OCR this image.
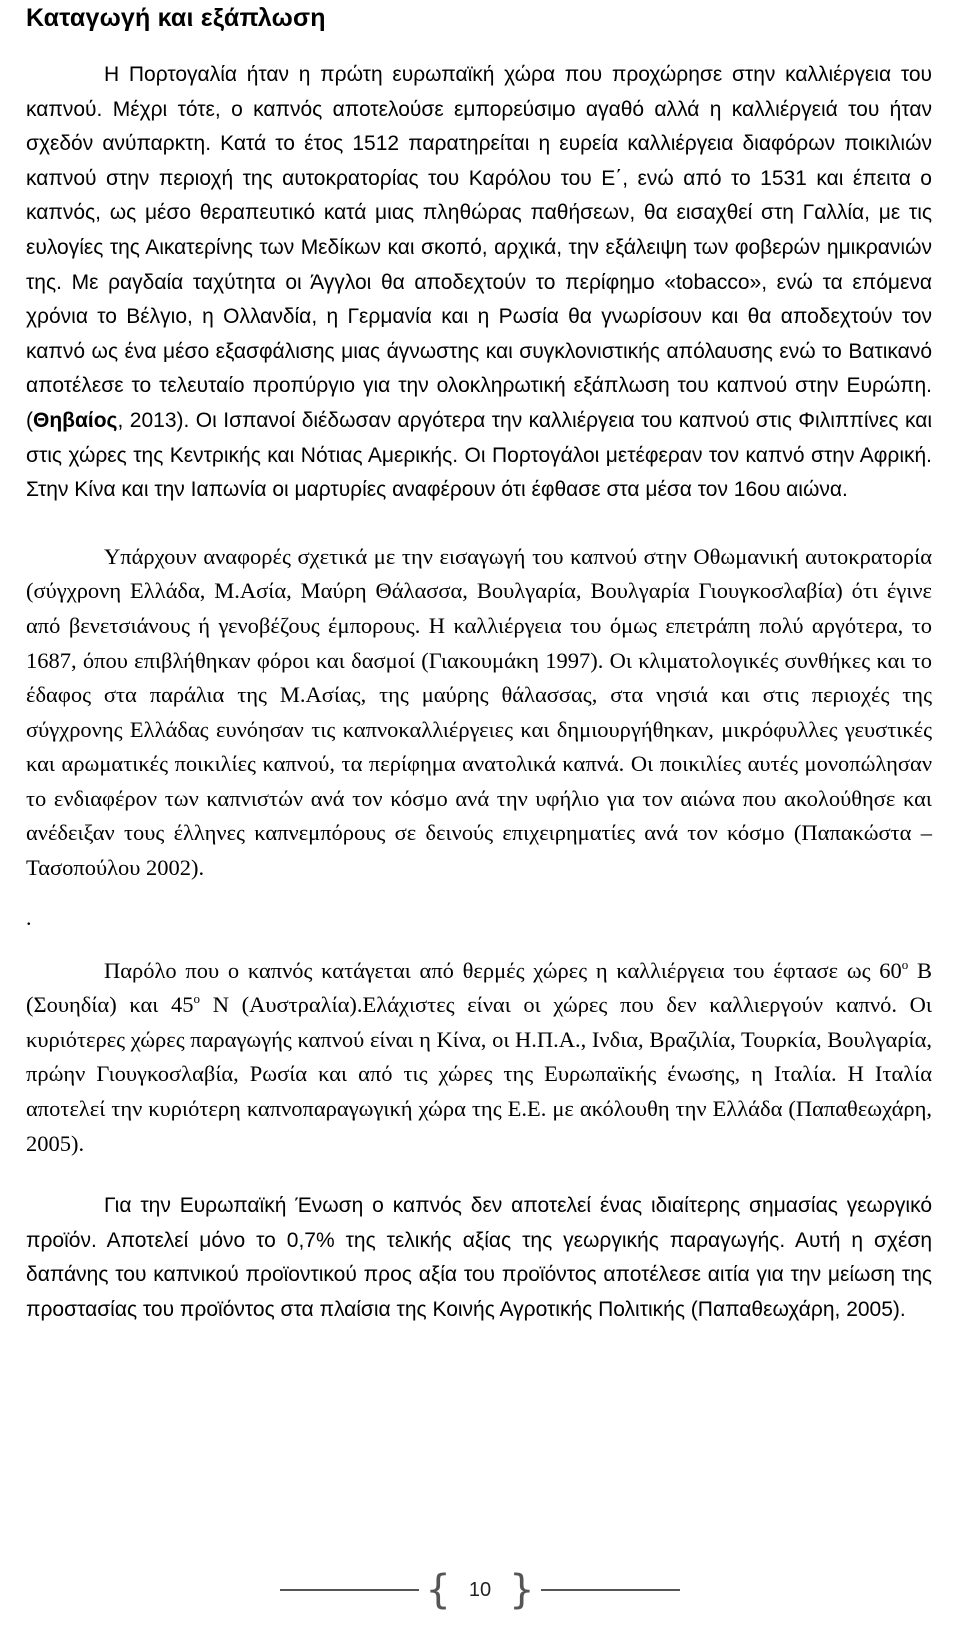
Καταγωγή και εξάπλωση

Η Πορτογαλία ήταν η πρώτη ευρωπαϊκή χώρα που προχώρησε στην καλλιέργεια του καπνού. Μέχρι τότε, ο καπνός αποτελούσε εμπορεύσιμο αγαθό αλλά η καλλιέργειά του ήταν σχεδόν ανύπαρκτη. Κατά το έτος 1512 παρατηρείται η ευρεία καλλιέργεια διαφόρων ποικιλιών καπνού στην περιοχή της αυτοκρατορίας του Καρόλου του Ε΄, ενώ από το 1531 και έπειτα ο καπνός, ως μέσο θεραπευτικό κατά μιας πληθώρας παθήσεων, θα εισαχθεί στη Γαλλία, με τις ευλογίες της Αικατερίνης των Μεδίκων και σκοπό, αρχικά, την εξάλειψη των φοβερών ημικρανιών της. Με ραγδαία ταχύτητα οι Άγγλοι θα αποδεχτούν το περίφημο «tobacco», ενώ τα επόμενα χρόνια το Βέλγιο, η Ολλανδία, η Γερμανία και η Ρωσία θα γνωρίσουν και θα αποδεχτούν τον καπνό ως ένα μέσο εξασφάλισης μιας άγνωστης και συγκλονιστικής απόλαυσης ενώ το Βατικανό αποτέλεσε το τελευταίο προπύργιο για την ολοκληρωτική εξάπλωση του καπνού στην Ευρώπη. (Θηβαίος, 2013). Οι Ισπανοί διέδωσαν αργότερα την καλλιέργεια του καπνού στις Φιλιππίνες και στις χώρες της Κεντρικής και Νότιας Αμερικής. Οι Πορτογάλοι μετέφεραν τον καπνό στην Αφρική. Στην Κίνα και την Ιαπωνία οι μαρτυρίες αναφέρουν ότι έφθασε στα μέσα τον 16ου αιώνα.

Υπάρχουν αναφορές σχετικά με την εισαγωγή του καπνού στην Οθωμανική αυτοκρατορία (σύγχρονη Ελλάδα, Μ.Ασία, Μαύρη Θάλασσα, Βουλγαρία, Βουλγαρία Γιουγκοσλαβία) ότι έγινε από βενετσιάνους ή γενοβέζους έμπορους. Η καλλιέργεια του όμως επετράπη πολύ αργότερα, το 1687, όπου επιβλήθηκαν φόροι και δασμοί (Γιακουμάκη 1997). Οι κλιματολογικές συνθήκες και το έδαφος στα παράλια της Μ.Ασίας, της μαύρης θάλασσας, στα νησιά και στις περιοχές της σύγχρονης Ελλάδας ευνόησαν τις καπνοκαλλιέργειες και δημιουργήθηκαν, μικρόφυλλες γευστικές και αρωματικές ποικιλίες καπνού, τα περίφημα ανατολικά καπνά. Οι ποικιλίες αυτές μονοπώλησαν το ενδιαφέρον των καπνιστών ανά τον κόσμο ανά την υφήλιο για τον αιώνα που ακολούθησε και ανέδειξαν τους έλληνες καπνεμπόρους σε δεινούς επιχειρηματίες ανά τον κόσμο (Παπακώστα – Τασοπούλου 2002).

.

Παρόλο που ο καπνός κατάγεται από θερμές χώρες η καλλιέργεια του έφτασε ως $60^o$ Β (Σουηδία) και $45^o$ Ν (Αυστραλία).Ελάχιστες είναι οι χώρες που δεν καλλιεργούν καπνό. Οι κυριότερες χώρες παραγωγής καπνού είναι η Κίνα, οι Η.Π.Α., Ινδια, Βραζιλία, Τουρκία, Βουλγαρία, πρώην Γιουγκοσλαβία, Ρωσία και από τις χώρες της Ευρωπαϊκής ένωσης, η Ιταλία. Η Ιταλία αποτελεί την κυριότερη καπνοπαραγωγική χώρα της Ε.Ε. με ακόλουθη την Ελλάδα (Παπαθεωχάρη, 2005).

Για την Ευρωπαϊκή Ένωση ο καπνός δεν αποτελεί ένας ιδιαίτερης σημασίας γεωργικό προϊόν. Αποτελεί μόνο το 0,7% της τελικής αξίας της γεωργικής παραγωγής. Αυτή η σχέση δαπάνης του καπνικού προϊοντικού προς αξία του προϊόντος αποτέλεσε αιτία για την μείωση της προστασίας του προϊόντος στα πλαίσια της Κοινής Αγροτικής Πολιτικής (Παπαθεωχάρη, 2005).

{ 10 }
